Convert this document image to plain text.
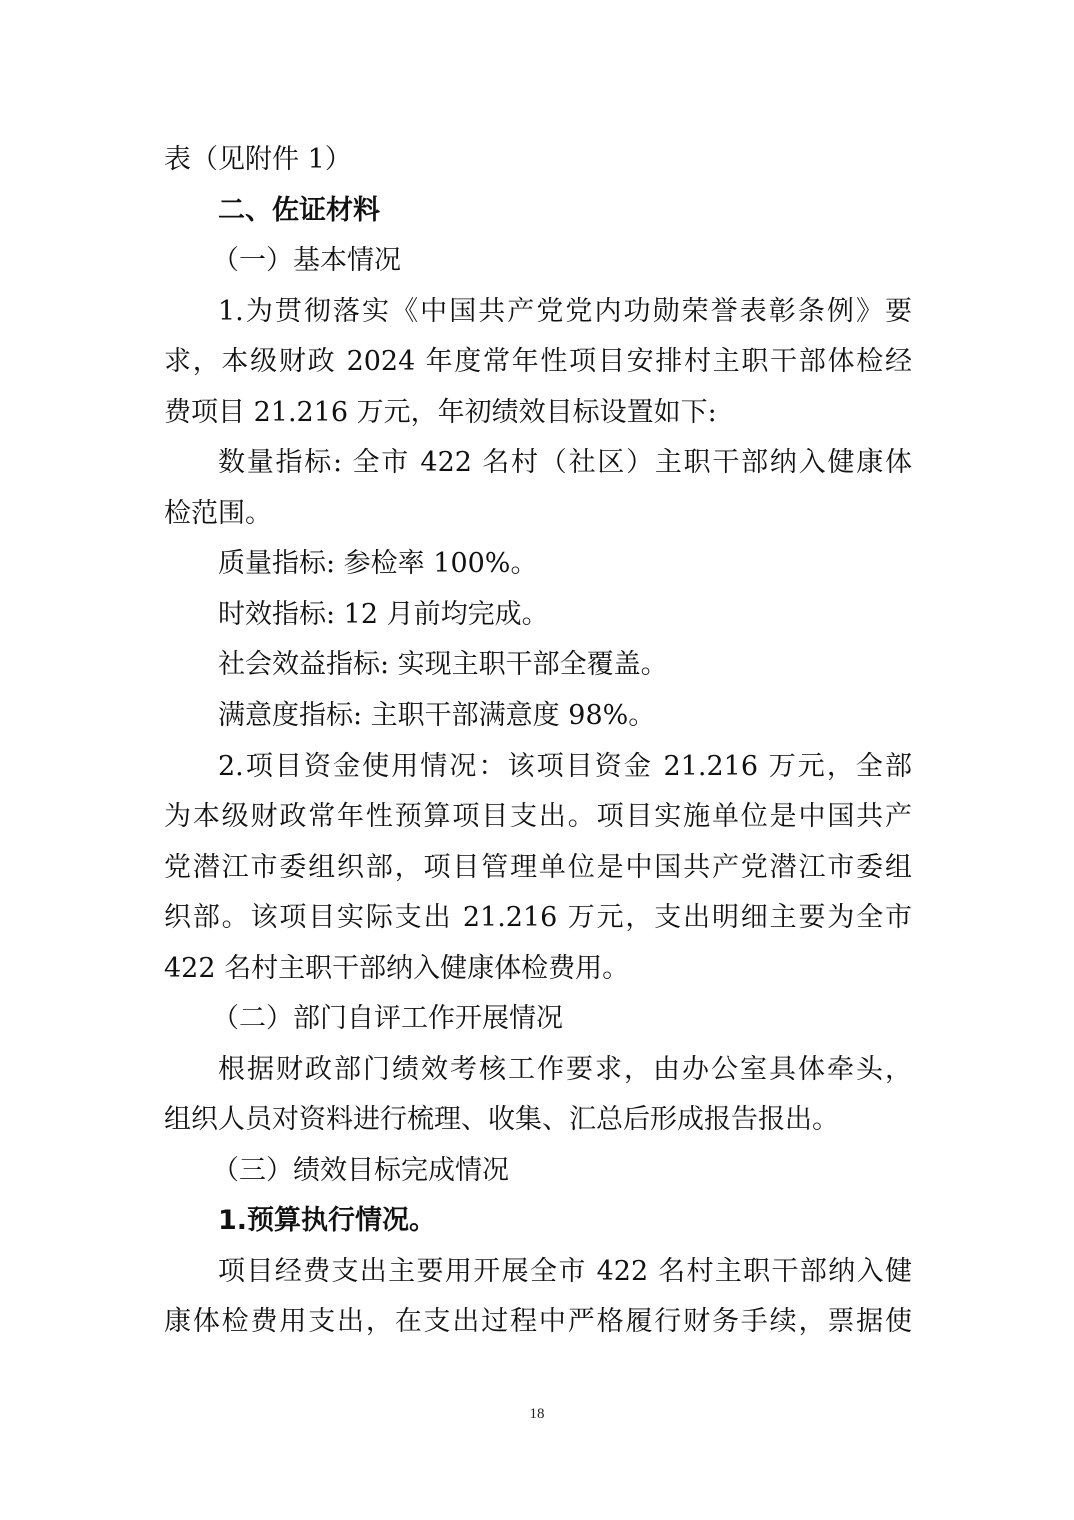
表（见附件 1）
二、佐证材料
（一）基本情况
1.为贯彻落实《中国共产党党内功勋荣誉表彰条例》要
求，本级财政 2024 年度常年性项目安排村主职干部体检经
费项目 21.216 万元，年初绩效目标设置如下:
数量指标: 全市 422 名村（社区）主职干部纳入健康体
检范围。
质量指标: 参检率 100%。
时效指标: 12 月前均完成。
社会效益指标: 实现主职干部全覆盖。
满意度指标: 主职干部满意度 98%。
2.项目资金使用情况：该项目资金 21.216 万元，全部
为本级财政常年性预算项目支出。项目实施单位是中国共产
党潜江市委组织部，项目管理单位是中国共产党潜江市委组
织部。该项目实际支出 21.216 万元，支出明细主要为全市
422 名村主职干部纳入健康体检费用。
（二）部门自评工作开展情况
根据财政部门绩效考核工作要求，由办公室具体牵头，
组织人员对资料进行梳理、收集、汇总后形成报告报出。
（三）绩效目标完成情况
1.预算执行情况。
项目经费支出主要用开展全市 422 名村主职干部纳入健
康体检费用支出，在支出过程中严格履行财务手续，票据使
18
